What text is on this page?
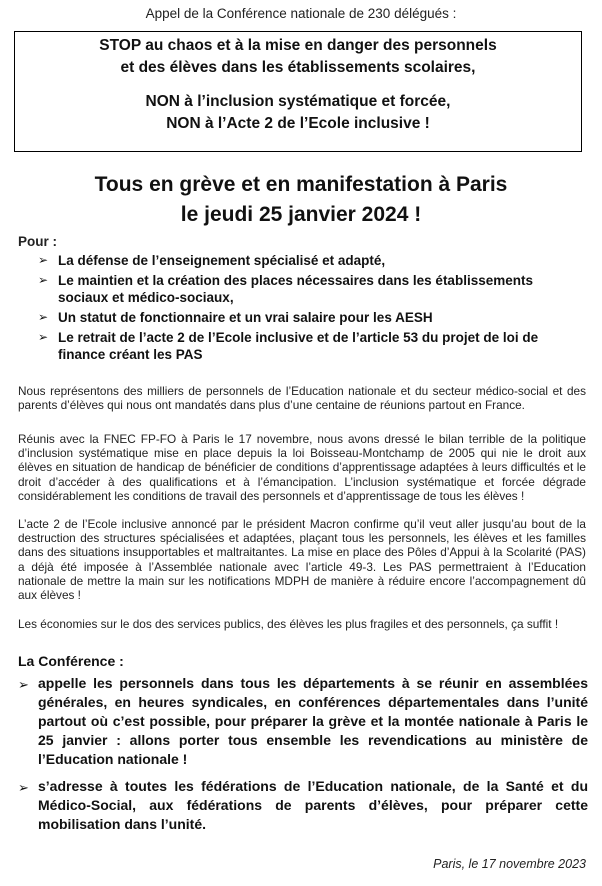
Appel de la Conférence nationale de 230 délégués :
STOP au chaos et à la mise en danger des personnels
et des élèves dans les établissements scolaires,
NON à l’inclusion systématique et forcée,
NON à l’Acte 2 de l’Ecole inclusive !
Tous en grève et en manifestation à Paris
le jeudi 25 janvier 2024 !
Pour :
➢ La défense de l’enseignement spécialisé et adapté,
➢ Le maintien et la création des places nécessaires dans les établissements sociaux et médico-sociaux,
➢ Un statut de fonctionnaire et un vrai salaire pour les AESH
➢ Le retrait de l’acte 2 de l’Ecole inclusive et de l’article 53 du projet de loi de finance créant les PAS

Nous représentons des milliers de personnels de l’Education nationale et du secteur médico-social et des parents d’élèves qui nous ont mandatés dans plus d’une centaine de réunions partout en France.

Réunis avec la FNEC FP-FO à Paris le 17 novembre, nous avons dressé le bilan terrible de la politique d’inclusion systématique mise en place depuis la loi Boisseau-Montchamp de 2005 qui nie le droit aux élèves en situation de handicap de bénéficier de conditions d’apprentissage adaptées à leurs difficultés et le droit d’accéder à des qualifications et à l’émancipation. L’inclusion systématique et forcée dégrade considérablement les conditions de travail des personnels et d’apprentissage de tous les élèves !

L’acte 2 de l’Ecole inclusive annoncé par le président Macron confirme qu’il veut aller jusqu’au bout de la destruction des structures spécialisées et adaptées, plaçant tous les personnels, les élèves et les familles dans des situations insupportables et maltraitantes. La mise en place des Pôles d’Appui à la Scolarité (PAS) a déjà été imposée à l’Assemblée nationale avec l’article 49-3. Les PAS permettraient à l’Education nationale de mettre la main sur les notifications MDPH de manière à réduire encore l’accompagnement dû aux élèves !

Les économies sur le dos des services publics, des élèves les plus fragiles et des personnels, ça suffit !

La Conférence :
➢ appelle les personnels dans tous les départements à se réunir en assemblées générales, en heures syndicales, en conférences départementales dans l’unité partout où c’est possible, pour préparer la grève et la montée nationale à Paris le 25 janvier : allons porter tous ensemble les revendications au ministère de l’Education nationale !
➢ s’adresse à toutes les fédérations de l’Education nationale, de la Santé et du Médico-Social, aux fédérations de parents d’élèves, pour préparer cette mobilisation dans l’unité.
Paris, le 17 novembre 2023
